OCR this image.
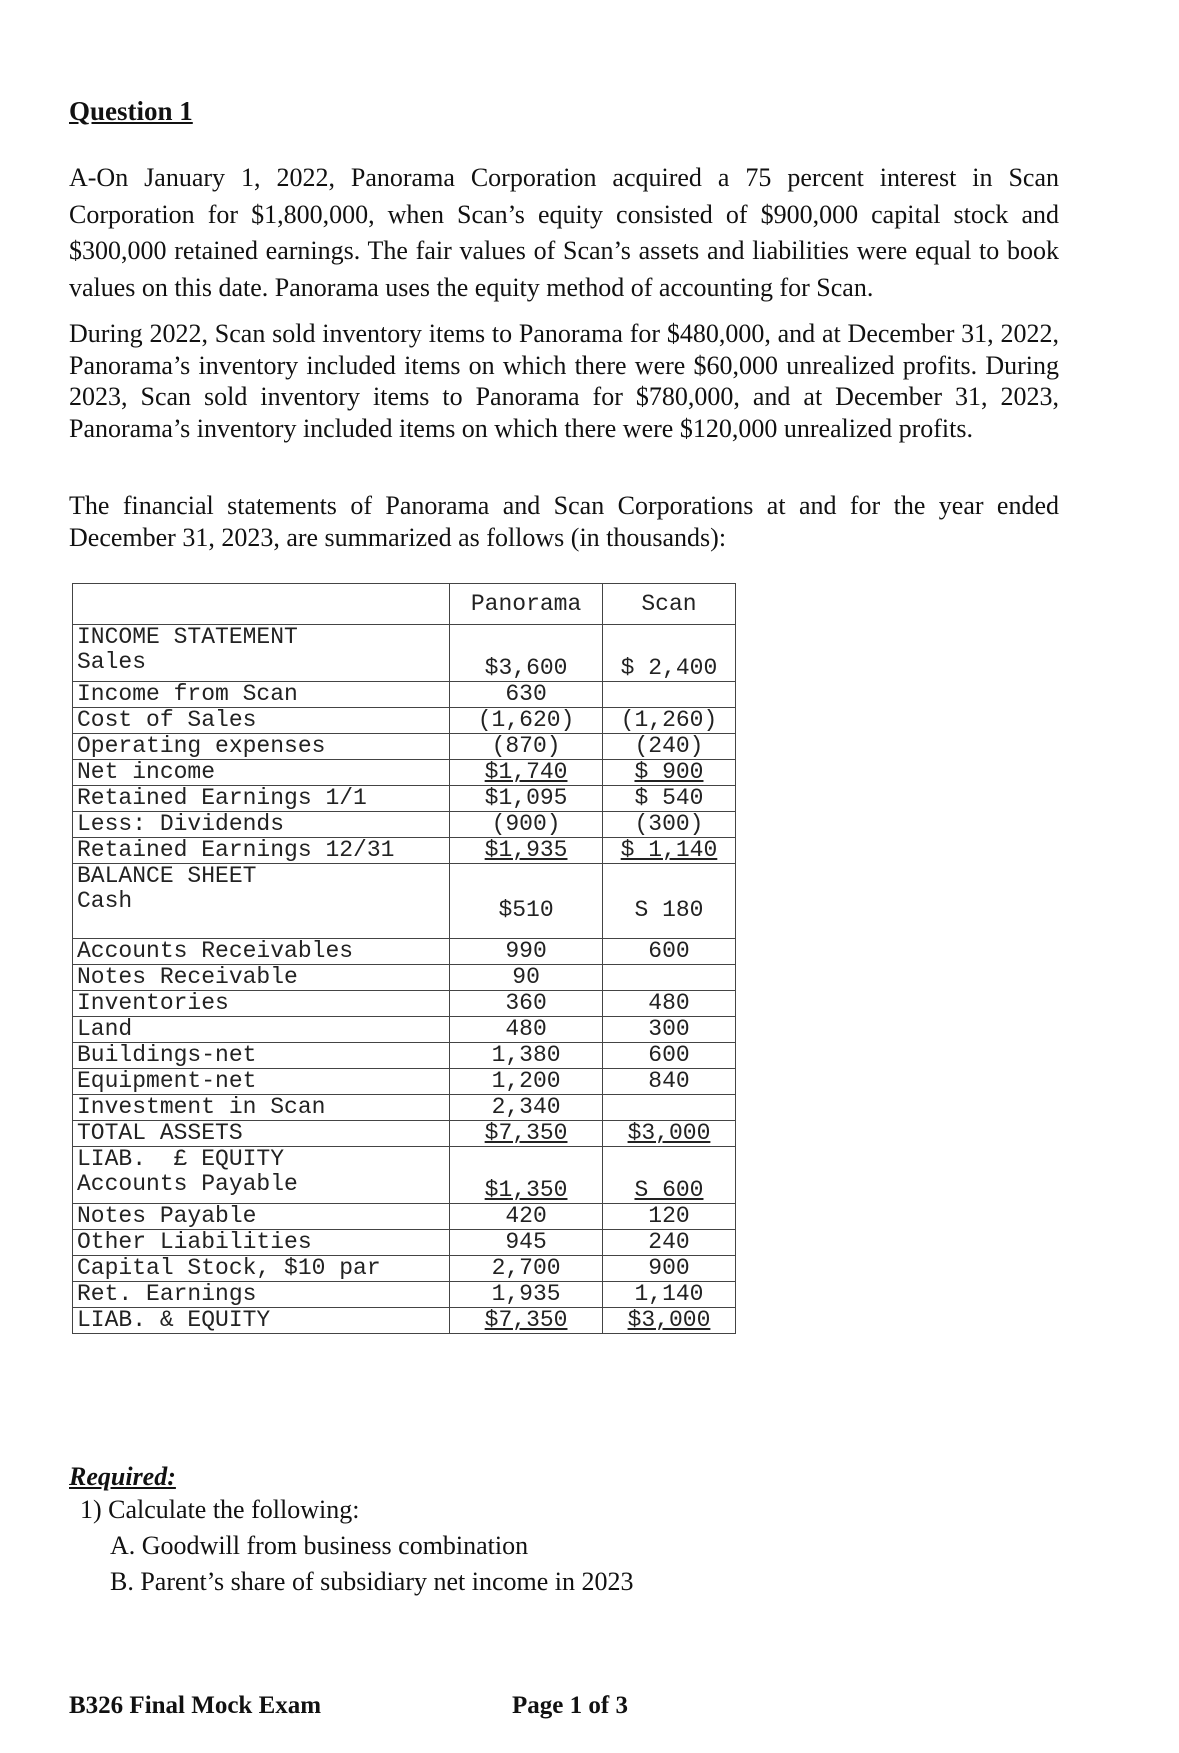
Question 1

A-On January 1, 2022, Panorama Corporation acquired a 75 percent interest in Scan Corporation for $1,800,000, when Scan’s equity consisted of $900,000 capital stock and $300,000 retained earnings. The fair values of Scan’s assets and liabilities were equal to book values on this date. Panorama uses the equity method of accounting for Scan.

During 2022, Scan sold inventory items to Panorama for $480,000, and at December 31, 2022, Panorama’s inventory included items on which there were $60,000 unrealized profits. During 2023, Scan sold inventory items to Panorama for $780,000, and at December 31, 2023, Panorama’s inventory included items on which there were $120,000 unrealized profits.

The financial statements of Panorama and Scan Corporations at and for the year ended December 31, 2023, are summarized as follows (in thousands):

	Panorama	Scan
INCOME STATEMENT
Sales	$3,600	$ 2,400
Income from Scan	630	
Cost of Sales	(1,620)	(1,260)
Operating expenses	(870)	(240)
Net income	$1,740	$ 900
Retained Earnings 1/1	$1,095	$ 540
Less: Dividends	(900)	(300)
Retained Earnings 12/31	$1,935	$ 1,140
BALANCE SHEET
Cash	$510	S 180
Accounts Receivables	990	600
Notes Receivable	90	
Inventories	360	480
Land	480	300
Buildings-net	1,380	600
Equipment-net	1,200	840
Investment in Scan	2,340	
TOTAL ASSETS	$7,350	$3,000
LIAB.  £ EQUITY
Accounts Payable	$1,350	S 600
Notes Payable	420	120
Other Liabilities	945	240
Capital Stock, $10 par	2,700	900
Ret. Earnings	1,935	1,140
LIAB. & EQUITY	$7,350	$3,000

Required:

1) Calculate the following:

A. Goodwill from business combination

B. Parent’s share of subsidiary net income in 2023

B326 Final Mock Exam	Page 1 of 3
